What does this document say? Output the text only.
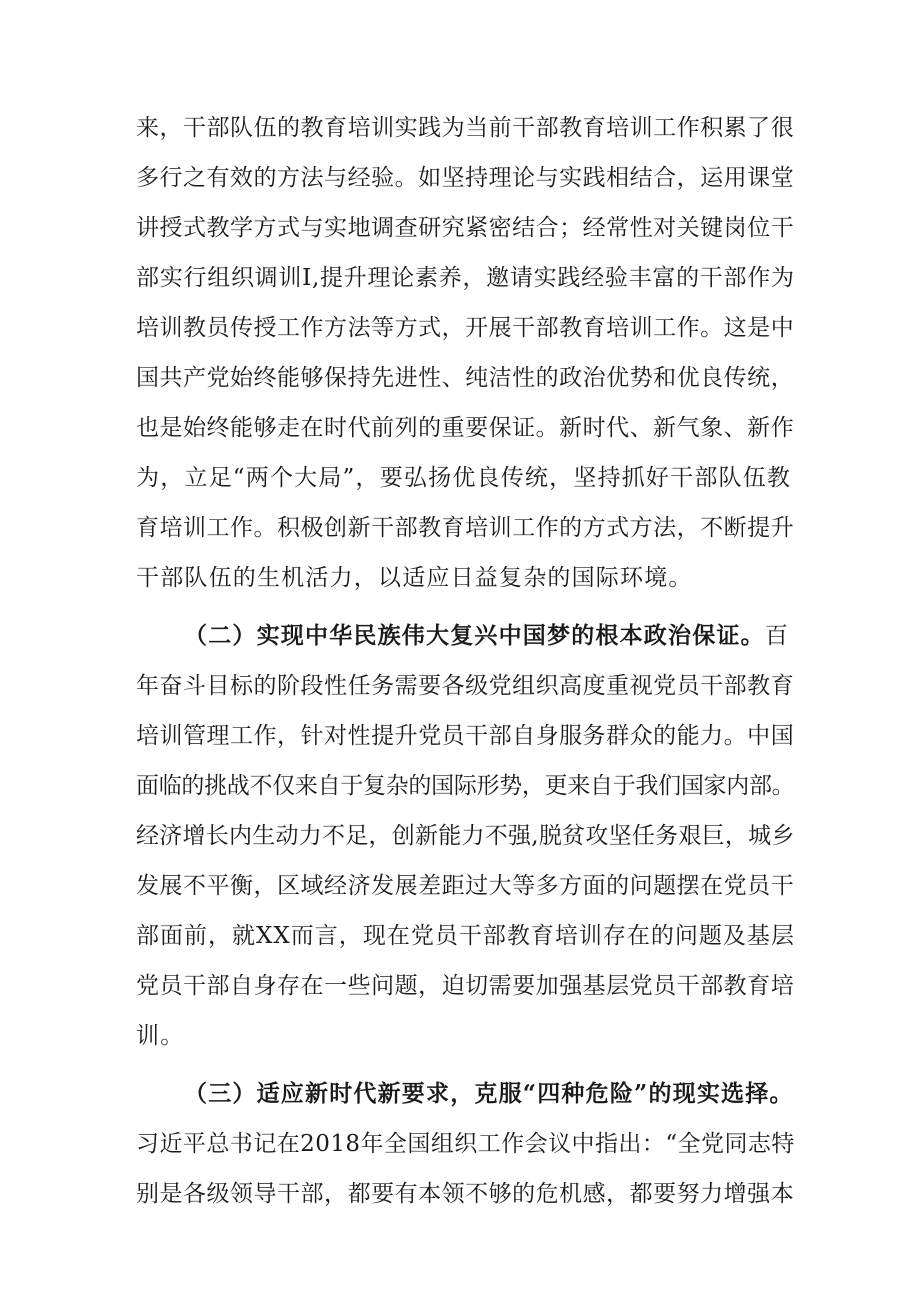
来，干部队伍的教育培训实践为当前干部教育培训工作积累了很
多行之有效的方法与经验。如坚持理论与实践相结合，运用课堂
讲授式教学方式与实地调查研究紧密结合；经常性对关键岗位干
部实行组织调训I,提升理论素养，邀请实践经验丰富的干部作为
培训教员传授工作方法等方式，开展干部教育培训工作。这是中
国共产党始终能够保持先进性、纯洁性的政治优势和优良传统，
也是始终能够走在时代前列的重要保证。新时代、新气象、新作
为，立足“两个大局”，要弘扬优良传统，坚持抓好干部队伍教
育培训工作。积极创新干部教育培训工作的方式方法，不断提升
干部队伍的生机活力，以适应日益复杂的国际环境。
（二）实现中华民族伟大复兴中国梦的根本政治保证。百
年奋斗目标的阶段性任务需要各级党组织高度重视党员干部教育
培训管理工作，针对性提升党员干部自身服务群众的能力。中国
面临的挑战不仅来自于复杂的国际形势，更来自于我们国家内部。
经济增长内生动力不足，创新能力不强,脱贫攻坚任务艰巨，城乡
发展不平衡，区域经济发展差距过大等多方面的问题摆在党员干
部面前，就XX而言，现在党员干部教育培训存在的问题及基层
党员干部自身存在一些问题，迫切需要加强基层党员干部教育培
训。
（三）适应新时代新要求，克服“四种危险”的现实选择。
习近平总书记在2018年全国组织工作会议中指出：“全党同志特
别是各级领导干部，都要有本领不够的危机感，都要努力增强本
